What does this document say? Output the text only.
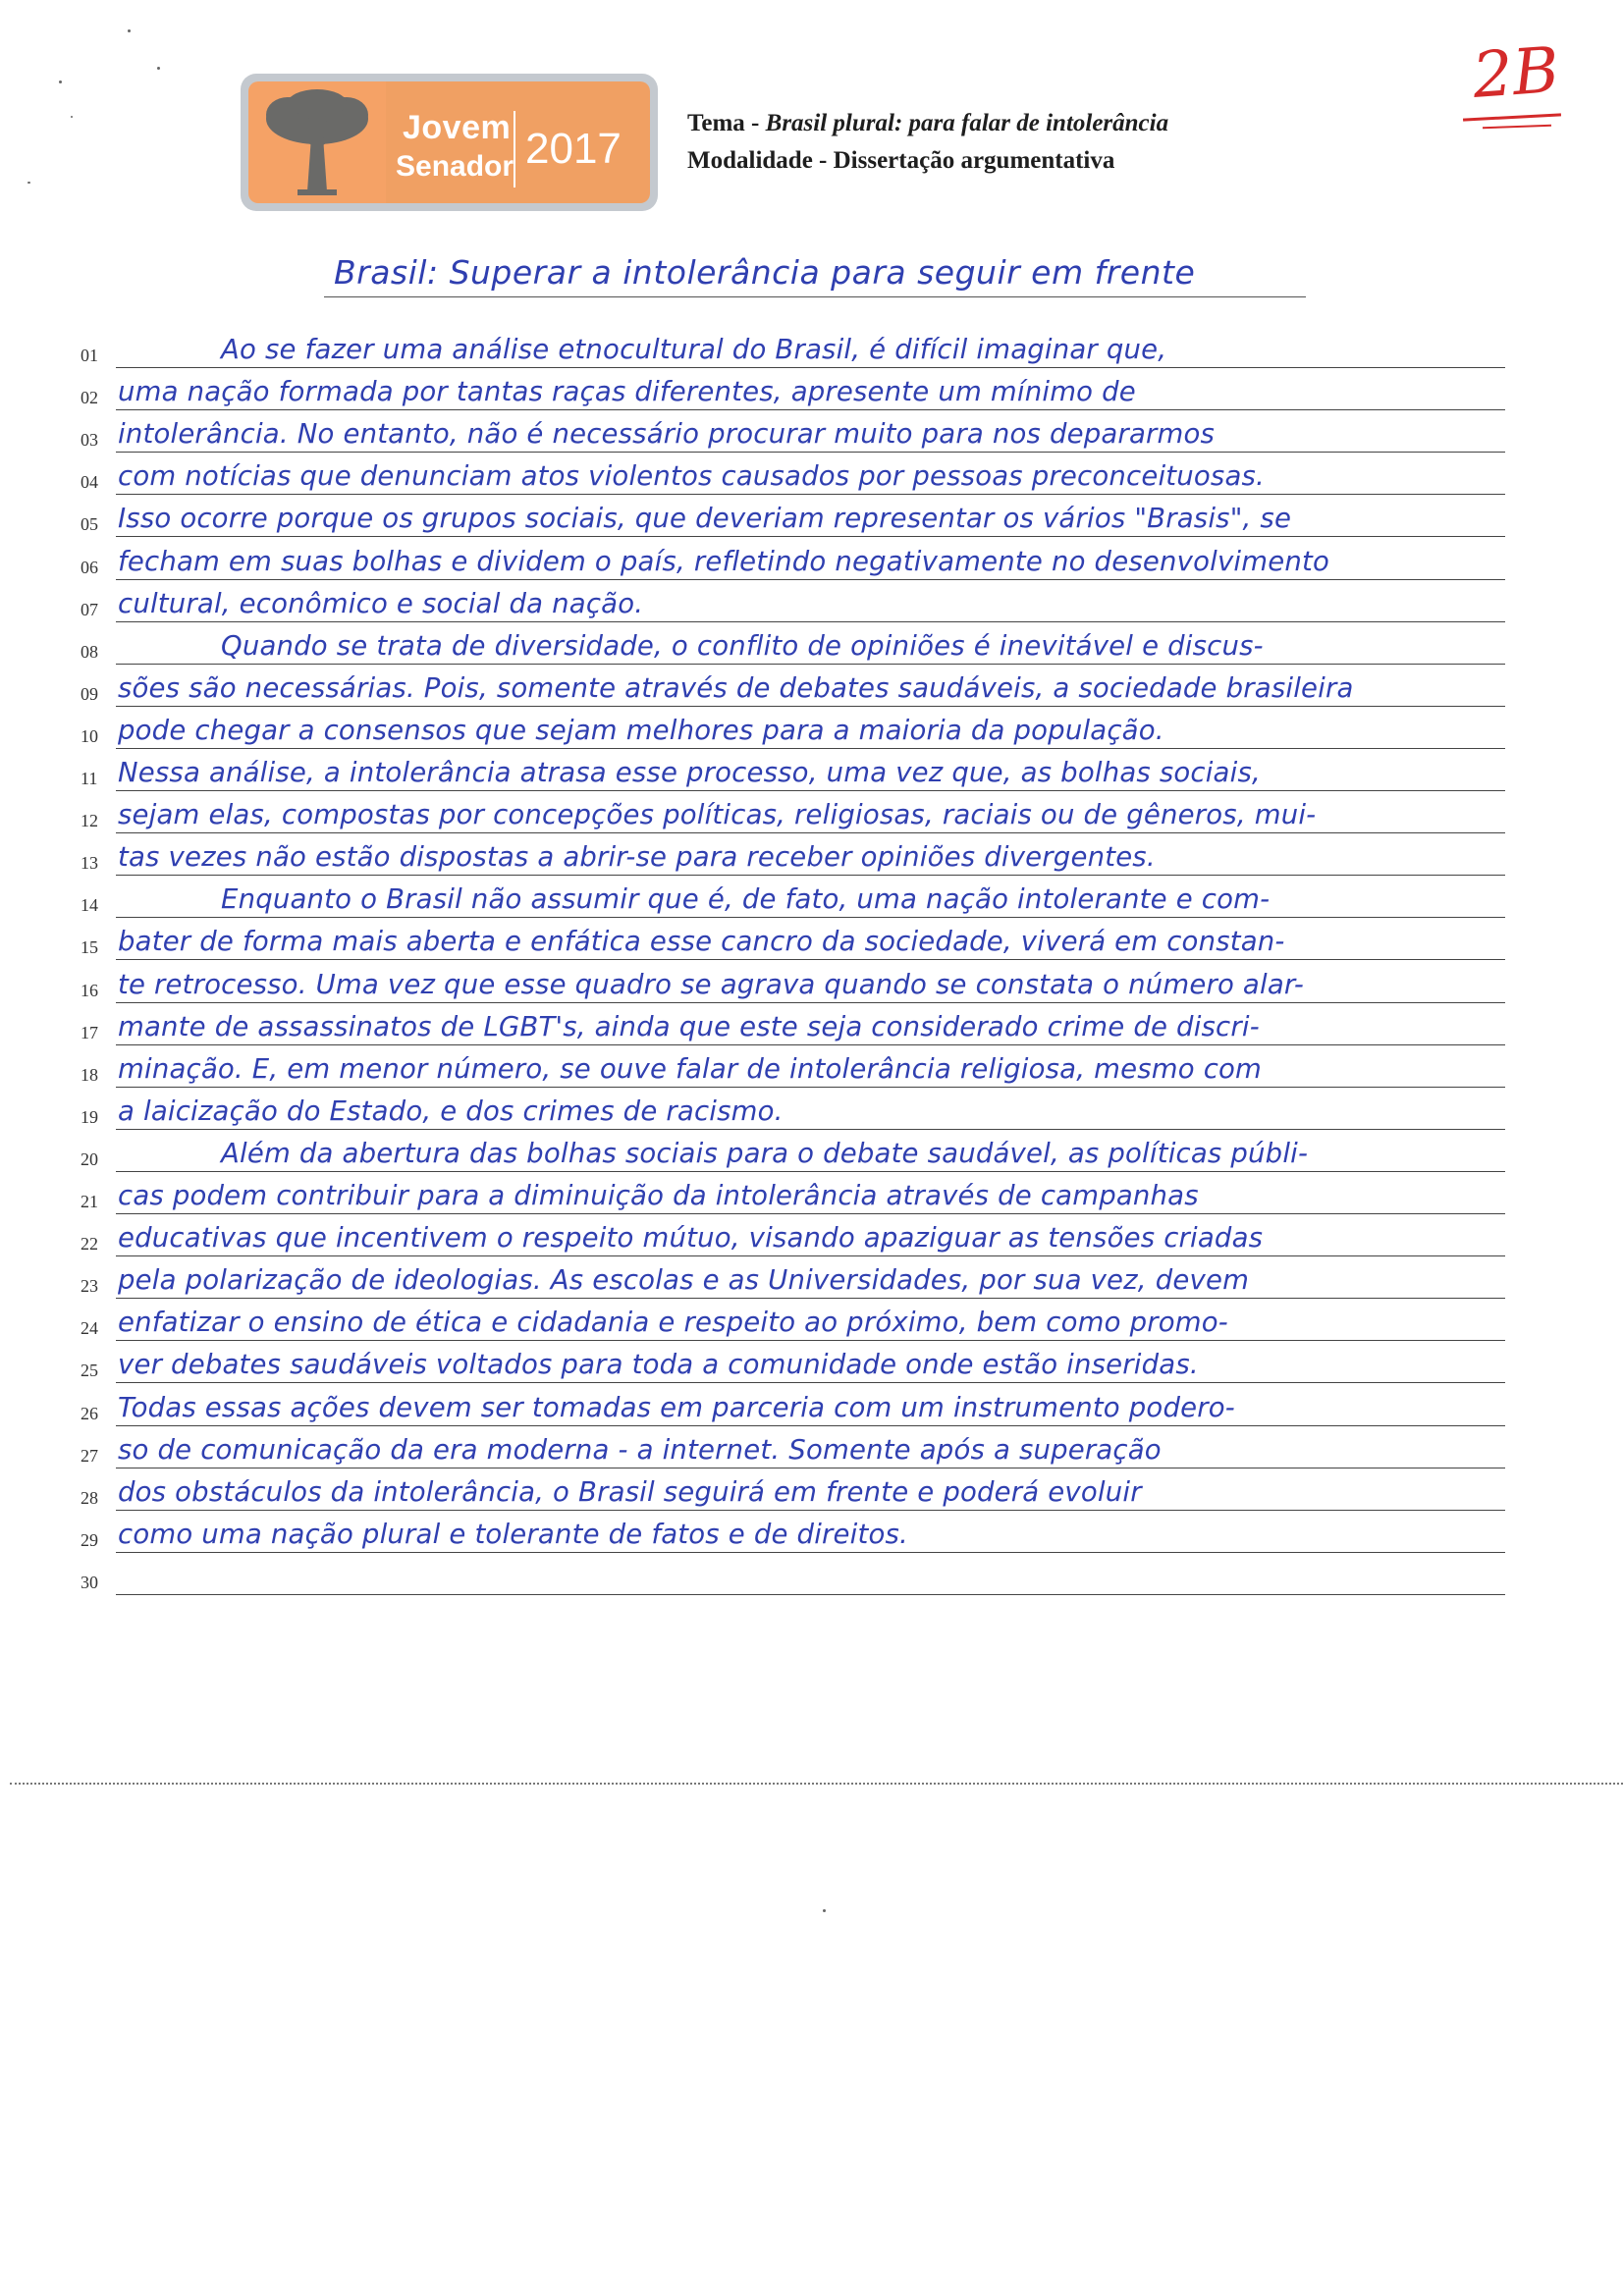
Jovem
Senador 2017
Tema - Brasil plural: para falar de intolerância
Modalidade - Dissertação argumentativa
2B
Brasil: Superar a intolerância para seguir em frente
01	Ao se fazer uma análise etnocultural do Brasil, é difícil imaginar que,
02 uma nação formada por tantas raças diferentes, apresente um mínimo de
03 intolerância. No entanto, não é necessário procurar muito para nos depararmos
04 com notícias que denunciam atos violentos causados por pessoas preconceituosas.
05 Isso ocorre porque os grupos sociais, que deveriam representar os vários "Brasis", se
06 fecham em suas bolhas e dividem o país, refletindo negativamente no desenvolvimento
07 cultural, econômico e social da nação.
08	Quando se trata de diversidade, o conflito de opiniões é inevitável e discus-
09 sões são necessárias. Pois, somente através de debates saudáveis, a sociedade brasileira
10 pode chegar a consensos que sejam melhores para a maioria da população.
11 Nessa análise, a intolerância atrasa esse processo, uma vez que, as bolhas sociais,
12 sejam elas, compostas por concepções políticas, religiosas, raciais ou de gêneros, mui-
13 tas vezes não estão dispostas a abrir-se para receber opiniões divergentes.
14	Enquanto o Brasil não assumir que é, de fato, uma nação intolerante e com-
15 bater de forma mais aberta e enfática esse cancro da sociedade, viverá em constan-
16 te retrocesso. Uma vez que esse quadro se agrava quando se constata o número alar-
17 mante de assassinatos de LGBT's, ainda que este seja considerado crime de discri-
18 minação. E, em menor número, se ouve falar de intolerância religiosa, mesmo com
19 a laicização do Estado, e dos crimes de racismo.
20	Além da abertura das bolhas sociais para o debate saudável, as políticas públi-
21 cas podem contribuir para a diminuição da intolerância através de campanhas
22 educativas que incentivem o respeito mútuo, visando apaziguar as tensões criadas
23 pela polarização de ideologias. As escolas e as Universidades, por sua vez, devem
24 enfatizar o ensino de ética e cidadania e respeito ao próximo, bem como promo-
25 ver debates saudáveis voltados para toda a comunidade onde estão inseridas.
26 Todas essas ações devem ser tomadas em parceria com um instrumento podero-
27 so de comunicação da era moderna - a internet. Somente após a superação
28 dos obstáculos da intolerância, o Brasil seguirá em frente e poderá evoluir
29 como uma nação plural e tolerante de fatos e de direitos.
30
